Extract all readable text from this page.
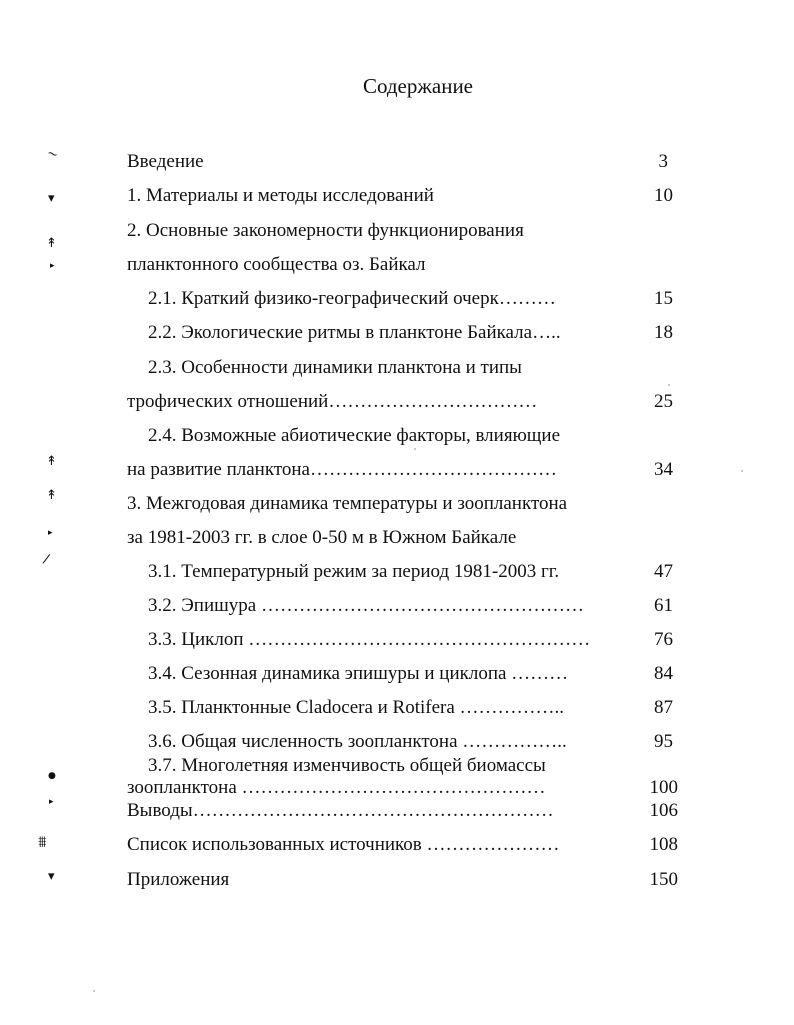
Содержание
Введение	3
1. Материалы и методы исследований	10
2. Основные закономерности функционирования
планктонного сообщества оз. Байкал
2.1. Краткий физико-географический очерк………	15
2.2. Экологические ритмы в планктоне Байкала…..	18
2.3. Особенности динамики планктона и типы
трофических отношений……………………………	25
2.4. Возможные абиотические факторы, влияющие
на развитие планктона…………………………………	34
3. Межгодовая динамика температуры и зоопланктона
за 1981-2003 гг. в слое 0-50 м в Южном Байкале
3.1. Температурный режим за период 1981-2003 гг.	47
3.2. Эпишура ……………………………………………	61
3.3. Циклоп ………………………………………………	76
3.4. Сезонная динамика эпишуры и циклопа ………	84
3.5. Планктонные Cladocera и Rotifera ……………..	87
3.6. Общая численность зоопланктона ……………..	95
3.7. Многолетняя изменчивость общей биомассы
зоопланктона …………………………………………	100
Выводы…………………………………………………	106
Список использованных источников …………………	108
Приложения	150
~
▾
↟
▸
↟
↟
▸
/
●
▸
⩩
▾
